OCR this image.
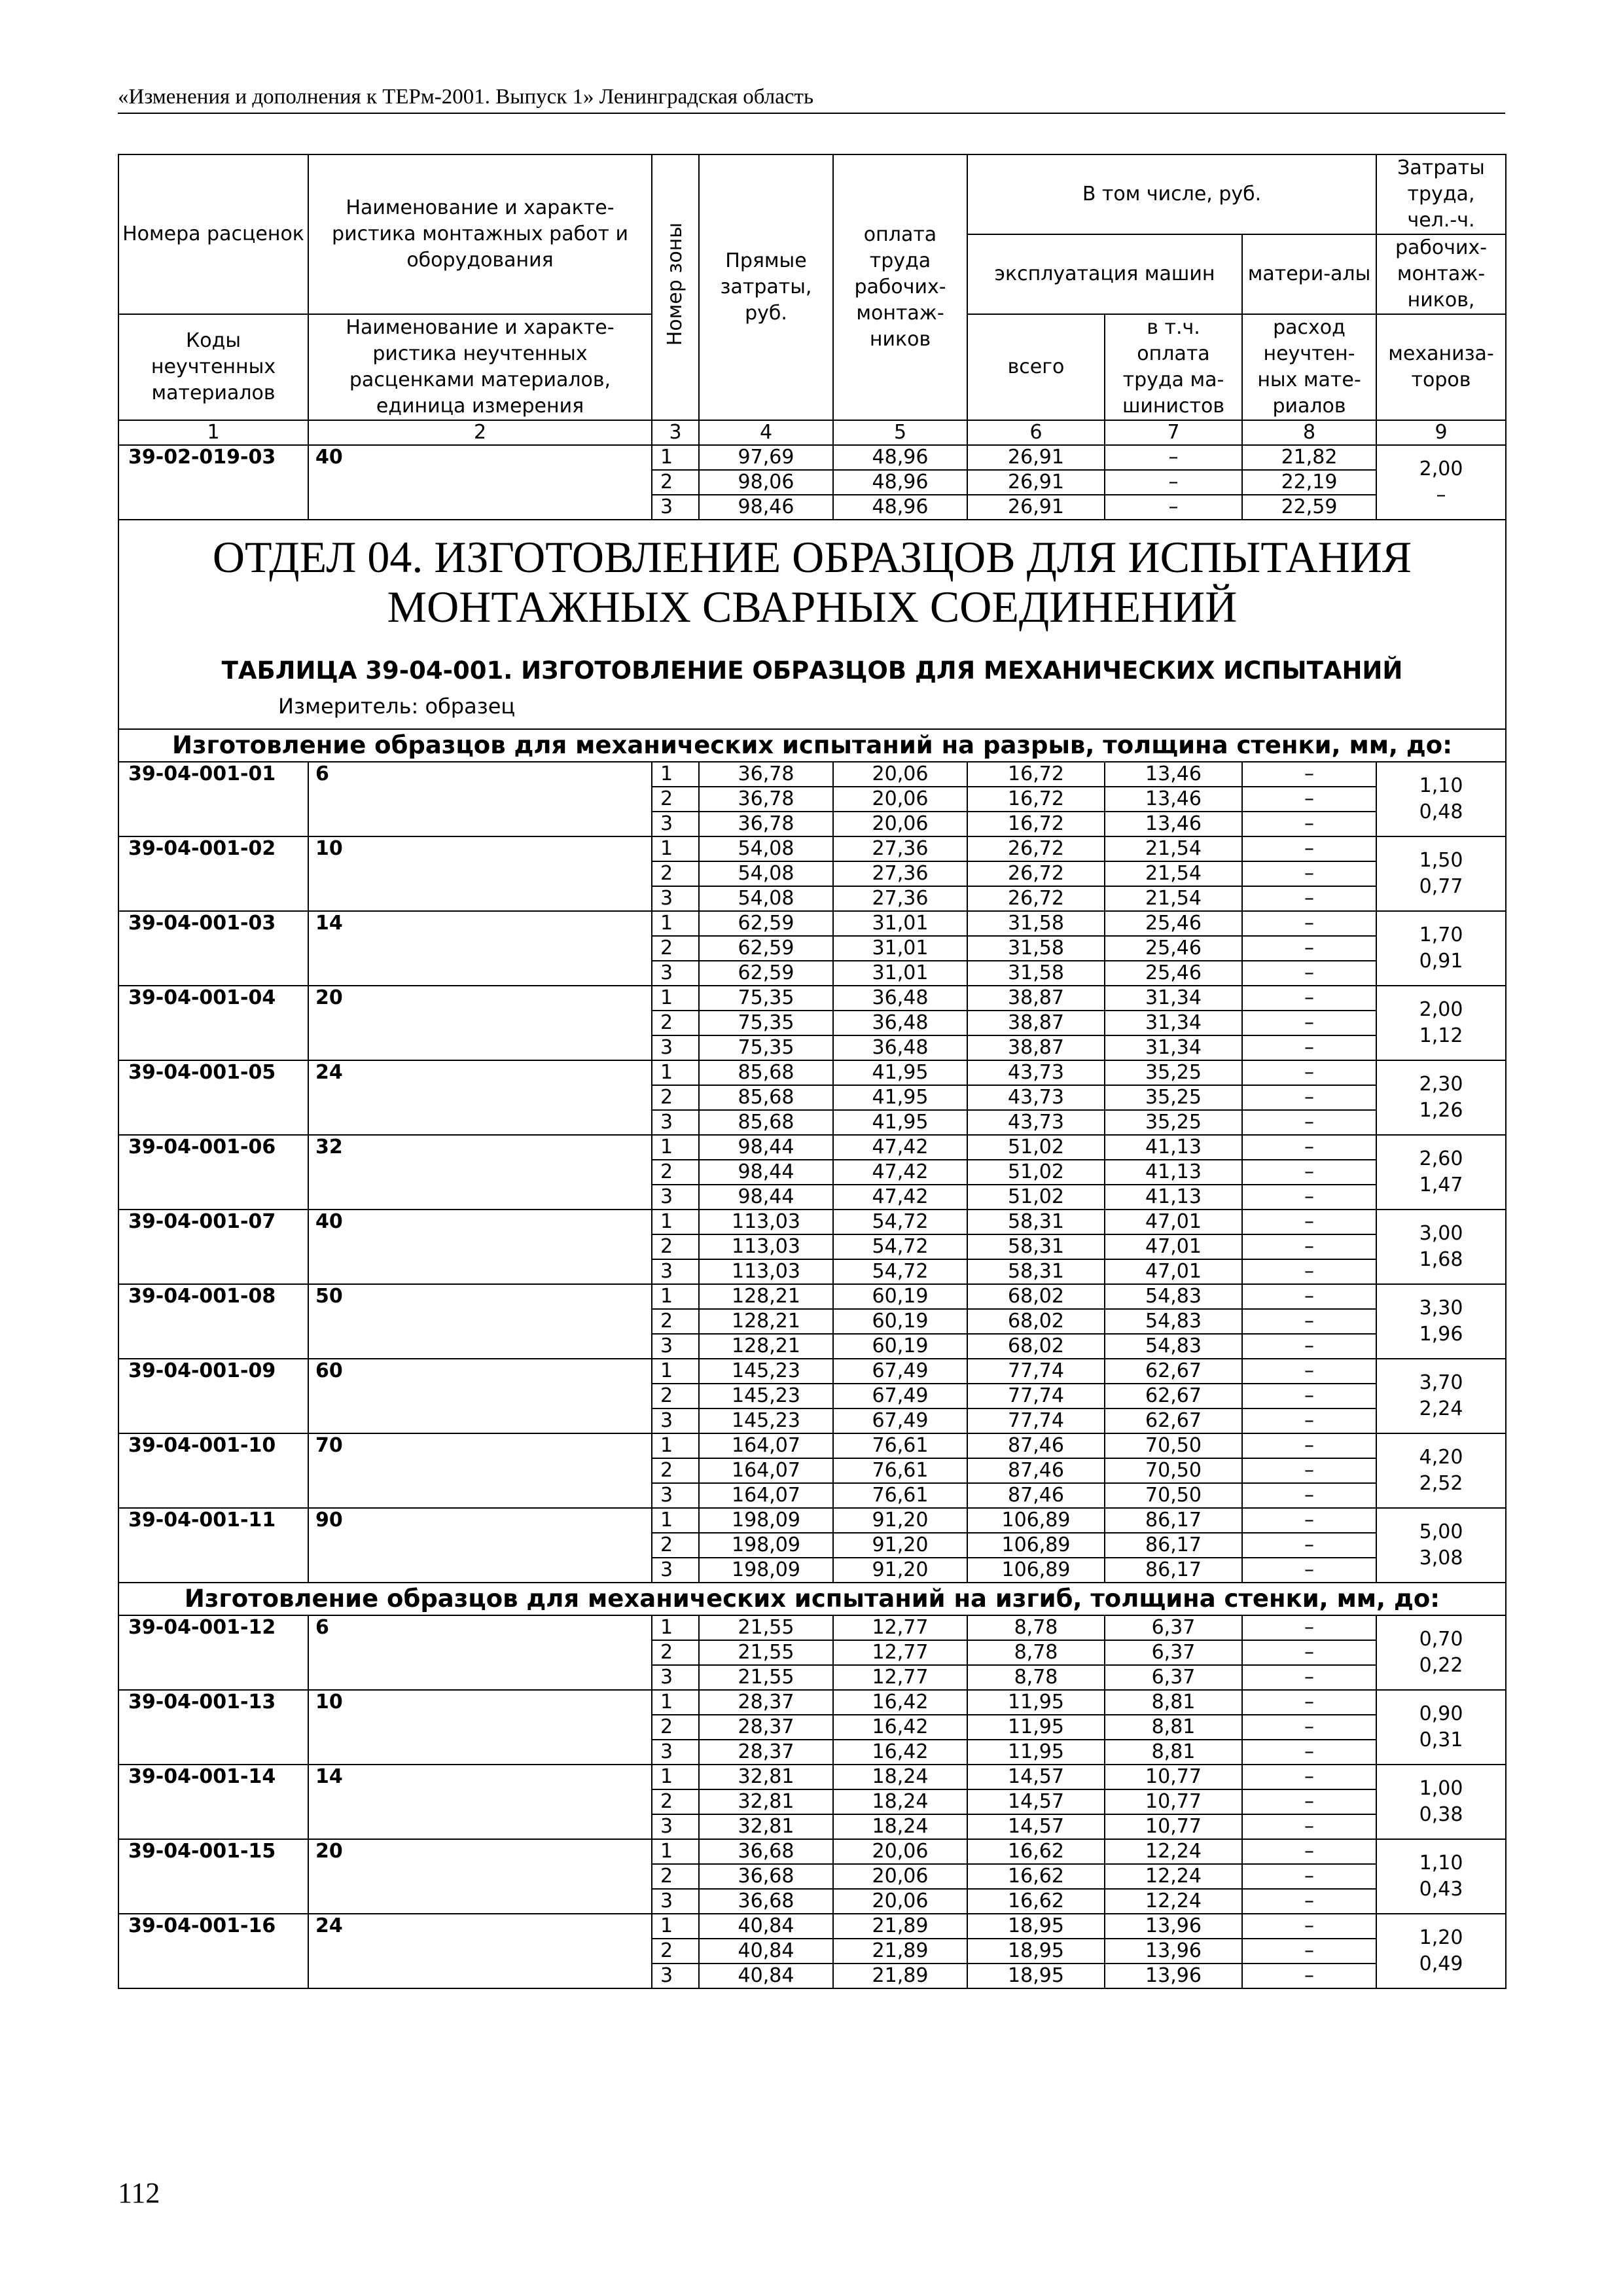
«Изменения и дополнения к ТЕРм-2001. Выпуск 1» Ленинградская область
Номера расценок	Наименование и характе-ристика монтажных работ и оборудования	Номер зоны	Прямые затраты, руб.	оплата труда рабочих-монтаж-ников	В том числе, руб.			Затраты труда, чел.-ч.
					эксплуатация машин		матери-алы	рабочих-монтаж-ников,
Коды неучтенных материалов	Наименование и характе-ристика неучтенных расценками материалов, единица измерения				всего	в т.ч. оплата труда ма-шинистов	расход неучтен-ных мате-риалов	механиза-торов

1	2	3	4	5	6	7	8	9
39-02-019-03	40	1	97,69	48,96	26,91	–	21,82	2,00
–

		2	98,06	48,96	26,91	–	22,19	
		3	98,46	48,96	26,91	–	22,59	

ОТДЕЛ 04. ИЗГОТОВЛЕНИЕ ОБРАЗЦОВ ДЛЯ ИСПЫТАНИЯ
МОНТАЖНЫХ СВАРНЫХ СОЕДИНЕНИЙ
ТАБЛИЦА 39-04-001. ИЗГОТОВЛЕНИЕ ОБРАЗЦОВ ДЛЯ МЕХАНИЧЕСКИХ ИСПЫТАНИЙ
Измеритель: образец								

Изготовление образцов для механических испытаний на разрыв, толщина стенки, мм, до:								
39-04-001-01	6	1	36,78	20,06	16,72	13,46	–	1,10
0,48

		2	36,78	20,06	16,72	13,46	–	
		3	36,78	20,06	16,72	13,46	–	
39-04-001-02	10	1	54,08	27,36	26,72	21,54	–	1,50
0,77

		2	54,08	27,36	26,72	21,54	–	
		3	54,08	27,36	26,72	21,54	–	
39-04-001-03	14	1	62,59	31,01	31,58	25,46	–	1,70
0,91

		2	62,59	31,01	31,58	25,46	–	
		3	62,59	31,01	31,58	25,46	–	
39-04-001-04	20	1	75,35	36,48	38,87	31,34	–	2,00
1,12

		2	75,35	36,48	38,87	31,34	–	
		3	75,35	36,48	38,87	31,34	–	
39-04-001-05	24	1	85,68	41,95	43,73	35,25	–	2,30
1,26

		2	85,68	41,95	43,73	35,25	–	
		3	85,68	41,95	43,73	35,25	–	
39-04-001-06	32	1	98,44	47,42	51,02	41,13	–	2,60
1,47

		2	98,44	47,42	51,02	41,13	–	
		3	98,44	47,42	51,02	41,13	–	
39-04-001-07	40	1	113,03	54,72	58,31	47,01	–	3,00
1,68

		2	113,03	54,72	58,31	47,01	–	
		3	113,03	54,72	58,31	47,01	–	
39-04-001-08	50	1	128,21	60,19	68,02	54,83	–	3,30
1,96

		2	128,21	60,19	68,02	54,83	–	
		3	128,21	60,19	68,02	54,83	–	
39-04-001-09	60	1	145,23	67,49	77,74	62,67	–	3,70
2,24

		2	145,23	67,49	77,74	62,67	–	
		3	145,23	67,49	77,74	62,67	–	
39-04-001-10	70	1	164,07	76,61	87,46	70,50	–	4,20
2,52

		2	164,07	76,61	87,46	70,50	–	
		3	164,07	76,61	87,46	70,50	–	
39-04-001-11	90	1	198,09	91,20	106,89	86,17	–	5,00
3,08

		2	198,09	91,20	106,89	86,17	–	
		3	198,09	91,20	106,89	86,17	–	
Изготовление образцов для механических испытаний на изгиб, толщина стенки, мм, до:								
39-04-001-12	6	1	21,55	12,77	8,78	6,37	–	0,70
0,22

		2	21,55	12,77	8,78	6,37	–	
		3	21,55	12,77	8,78	6,37	–	
39-04-001-13	10	1	28,37	16,42	11,95	8,81	–	0,90
0,31

		2	28,37	16,42	11,95	8,81	–	
		3	28,37	16,42	11,95	8,81	–	
39-04-001-14	14	1	32,81	18,24	14,57	10,77	–	1,00
0,38

		2	32,81	18,24	14,57	10,77	–	
		3	32,81	18,24	14,57	10,77	–	
39-04-001-15	20	1	36,68	20,06	16,62	12,24	–	1,10
0,43

		2	36,68	20,06	16,62	12,24	–	
		3	36,68	20,06	16,62	12,24	–	
39-04-001-16	24	1	40,84	21,89	18,95	13,96	–	1,20
0,49

		2	40,84	21,89	18,95	13,96	–	
		3	40,84	21,89	18,95	13,96	–	
112
